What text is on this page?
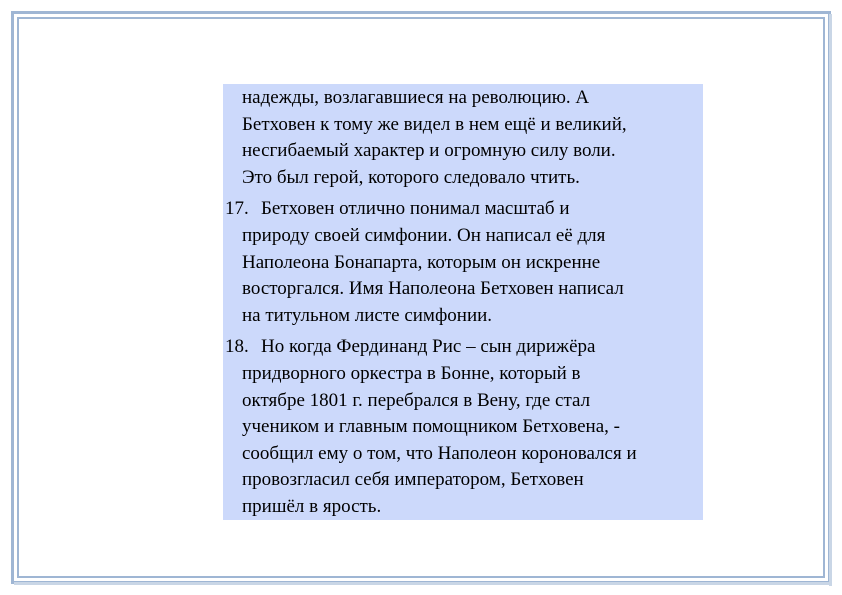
надежды, возлагавшиеся на революцию. А
Бетховен к тому же видел в нем ещё и великий,
несгибаемый характер и огромную силу воли.
Это был герой, которого следовало чтить.
17. Бетховен отлично понимал масштаб и
природу своей симфонии. Он написал её для
Наполеона Бонапарта, которым он искренне
восторгался. Имя Наполеона Бетховен написал
на титульном листе симфонии.
18. Но когда Фердинанд Рис – сын дирижёра
придворного оркестра в Бонне, который в
октябре 1801 г. перебрался в Вену, где стал
учеником и главным помощником Бетховена, -
сообщил ему о том, что Наполеон короновался и
провозгласил себя императором, Бетховен
пришёл в ярость.
